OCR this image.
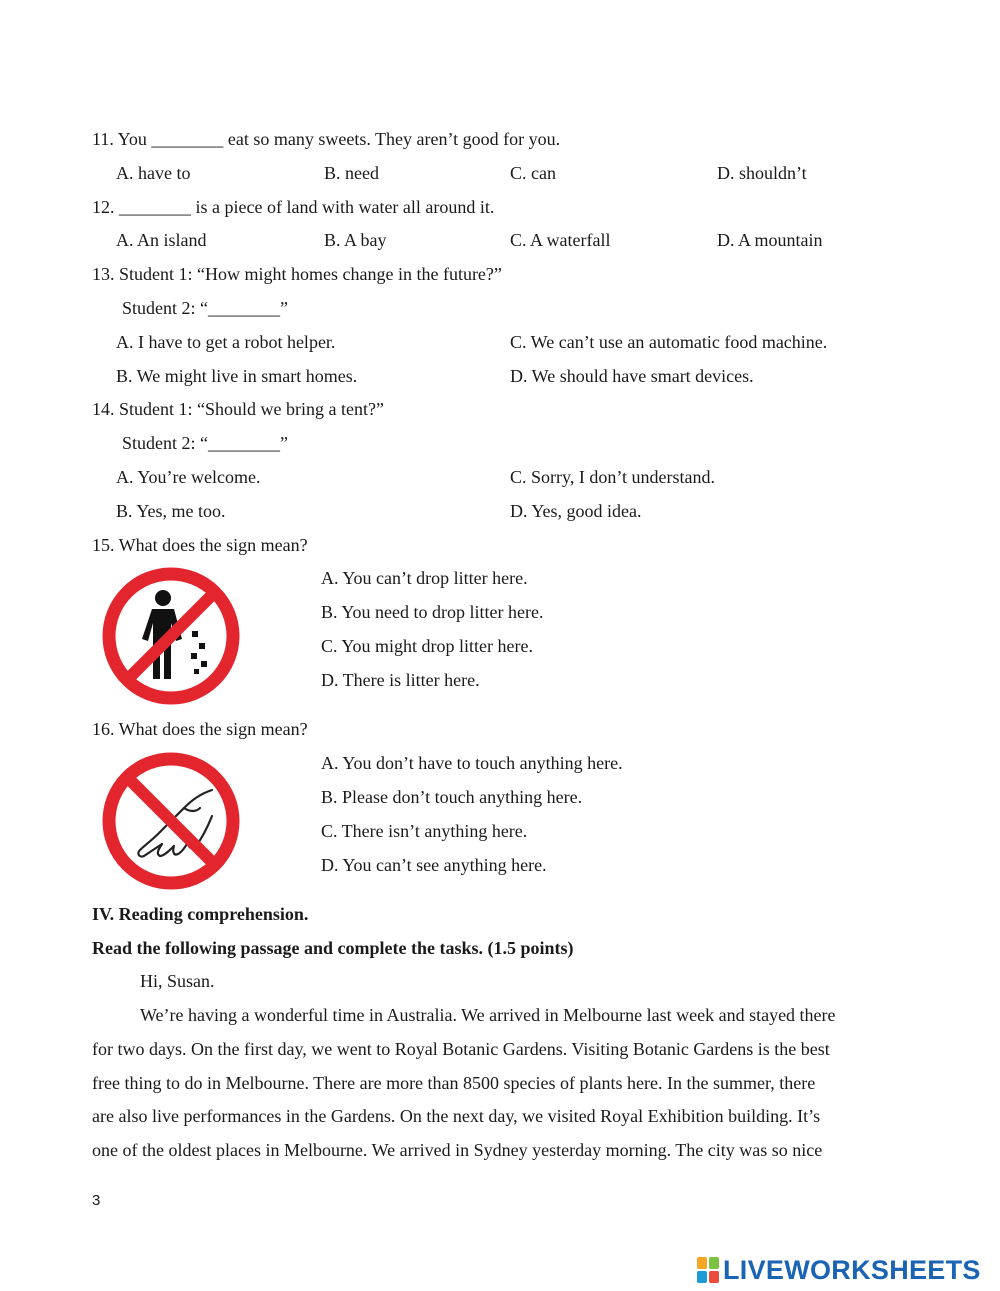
11. You ________ eat so many sweets. They aren’t good for you.
A. have to	B. need	C. can	D. shouldn’t
12. ________ is a piece of land with water all around it.
A. An island	B. A bay	C. A waterfall	D. A mountain
13. Student 1: “How might homes change in the future?”
Student 2: “________”
A. I have to get a robot helper.	C. We can’t use an automatic food machine.
B. We might live in smart homes.	D. We should have smart devices.
14. Student 1: “Should we bring a tent?”
Student 2: “________”
A. You’re welcome.	C. Sorry, I don’t understand.
B. Yes, me too.	D. Yes, good idea.
15. What does the sign mean?
A. You can’t drop litter here.
B. You need to drop litter here.
C. You might drop litter here.
D. There is litter here.
16. What does the sign mean?
A. You don’t have to touch anything here.
B. Please don’t touch anything here.
C. There isn’t anything here.
D. You can’t see anything here.
IV. Reading comprehension.
Read the following passage and complete the tasks. (1.5 points)
Hi, Susan.
We’re having a wonderful time in Australia. We arrived in Melbourne last week and stayed there
for two days. On the first day, we went to Royal Botanic Gardens. Visiting Botanic Gardens is the best
free thing to do in Melbourne. There are more than 8500 species of plants here. In the summer, there
are also live performances in the Gardens. On the next day, we visited Royal Exhibition building. It’s
one of the oldest places in Melbourne. We arrived in Sydney yesterday morning. The city was so nice
3
LIVEWORKSHEETS
